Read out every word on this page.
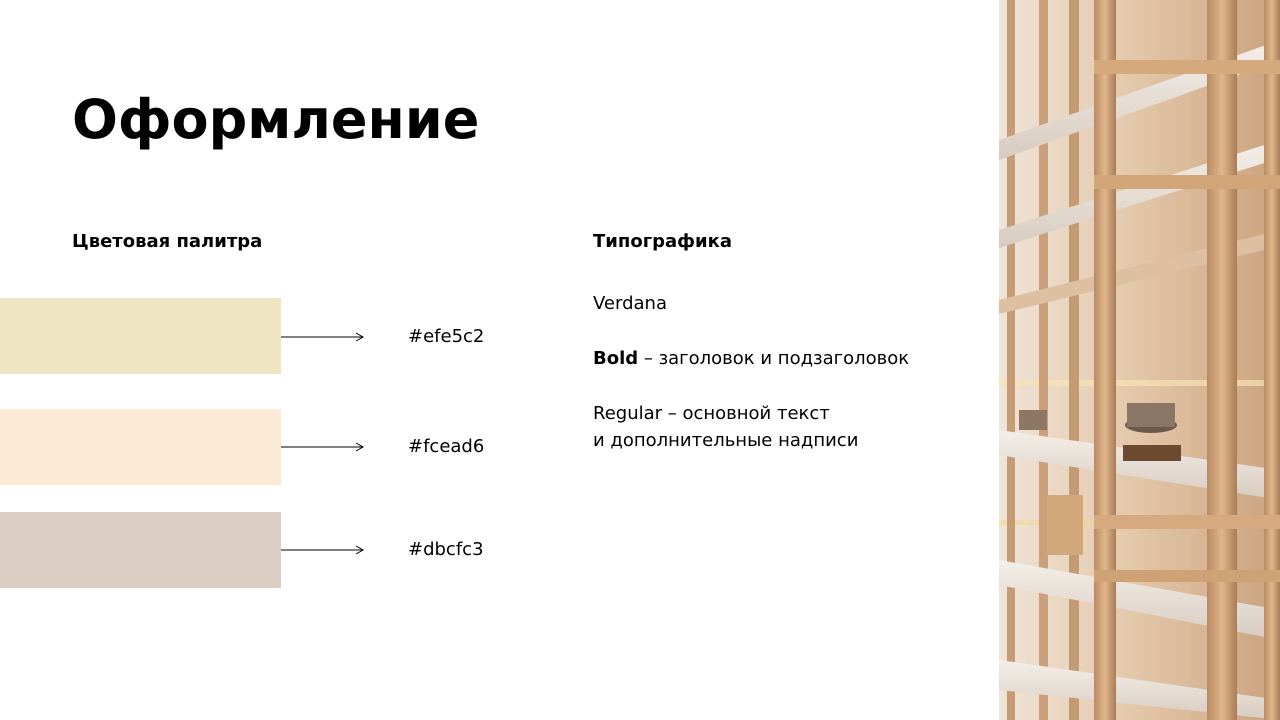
Оформление
Цветовая палитра	Типографика
#efe5c2
#fcead6
#dbcfc3

Verdana

Bold – заголовок и подзаголовок

Regular – основной текст

и дополнительные надписи
